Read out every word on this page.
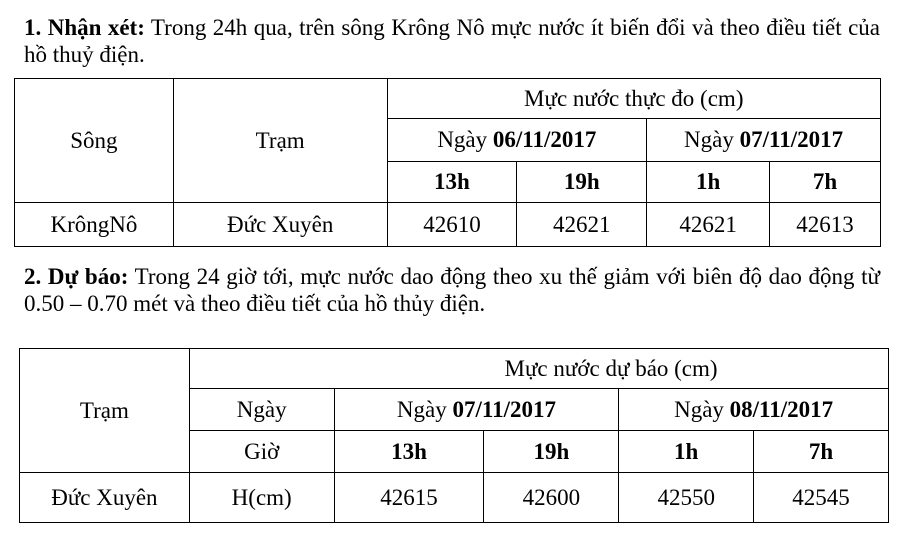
1. Nhận xét: Trong 24h qua, trên sông Krông Nô mực nước ít biến đổi và theo điều tiết của hồ thuỷ điện.
Sông	Trạm	Mực nước thực đo (cm)			
		Ngày 06/11/2017		Ngày 07/11/2017	
		13h	19h	1h	7h
KrôngNô	Đức Xuyên	42610	42621	42621	42613
2. Dự báo: Trong 24 giờ tới, mực nước dao động theo xu thế giảm với biên độ dao động từ 0.50 – 0.70 mét và theo điều tiết của hồ thủy điện.
Trạm		Mực nước dự báo (cm)			
	Ngày	Ngày 07/11/2017		Ngày 08/11/2017	
	Giờ	13h	19h	1h	7h
Đức Xuyên	H(cm)	42615	42600	42550	42545
